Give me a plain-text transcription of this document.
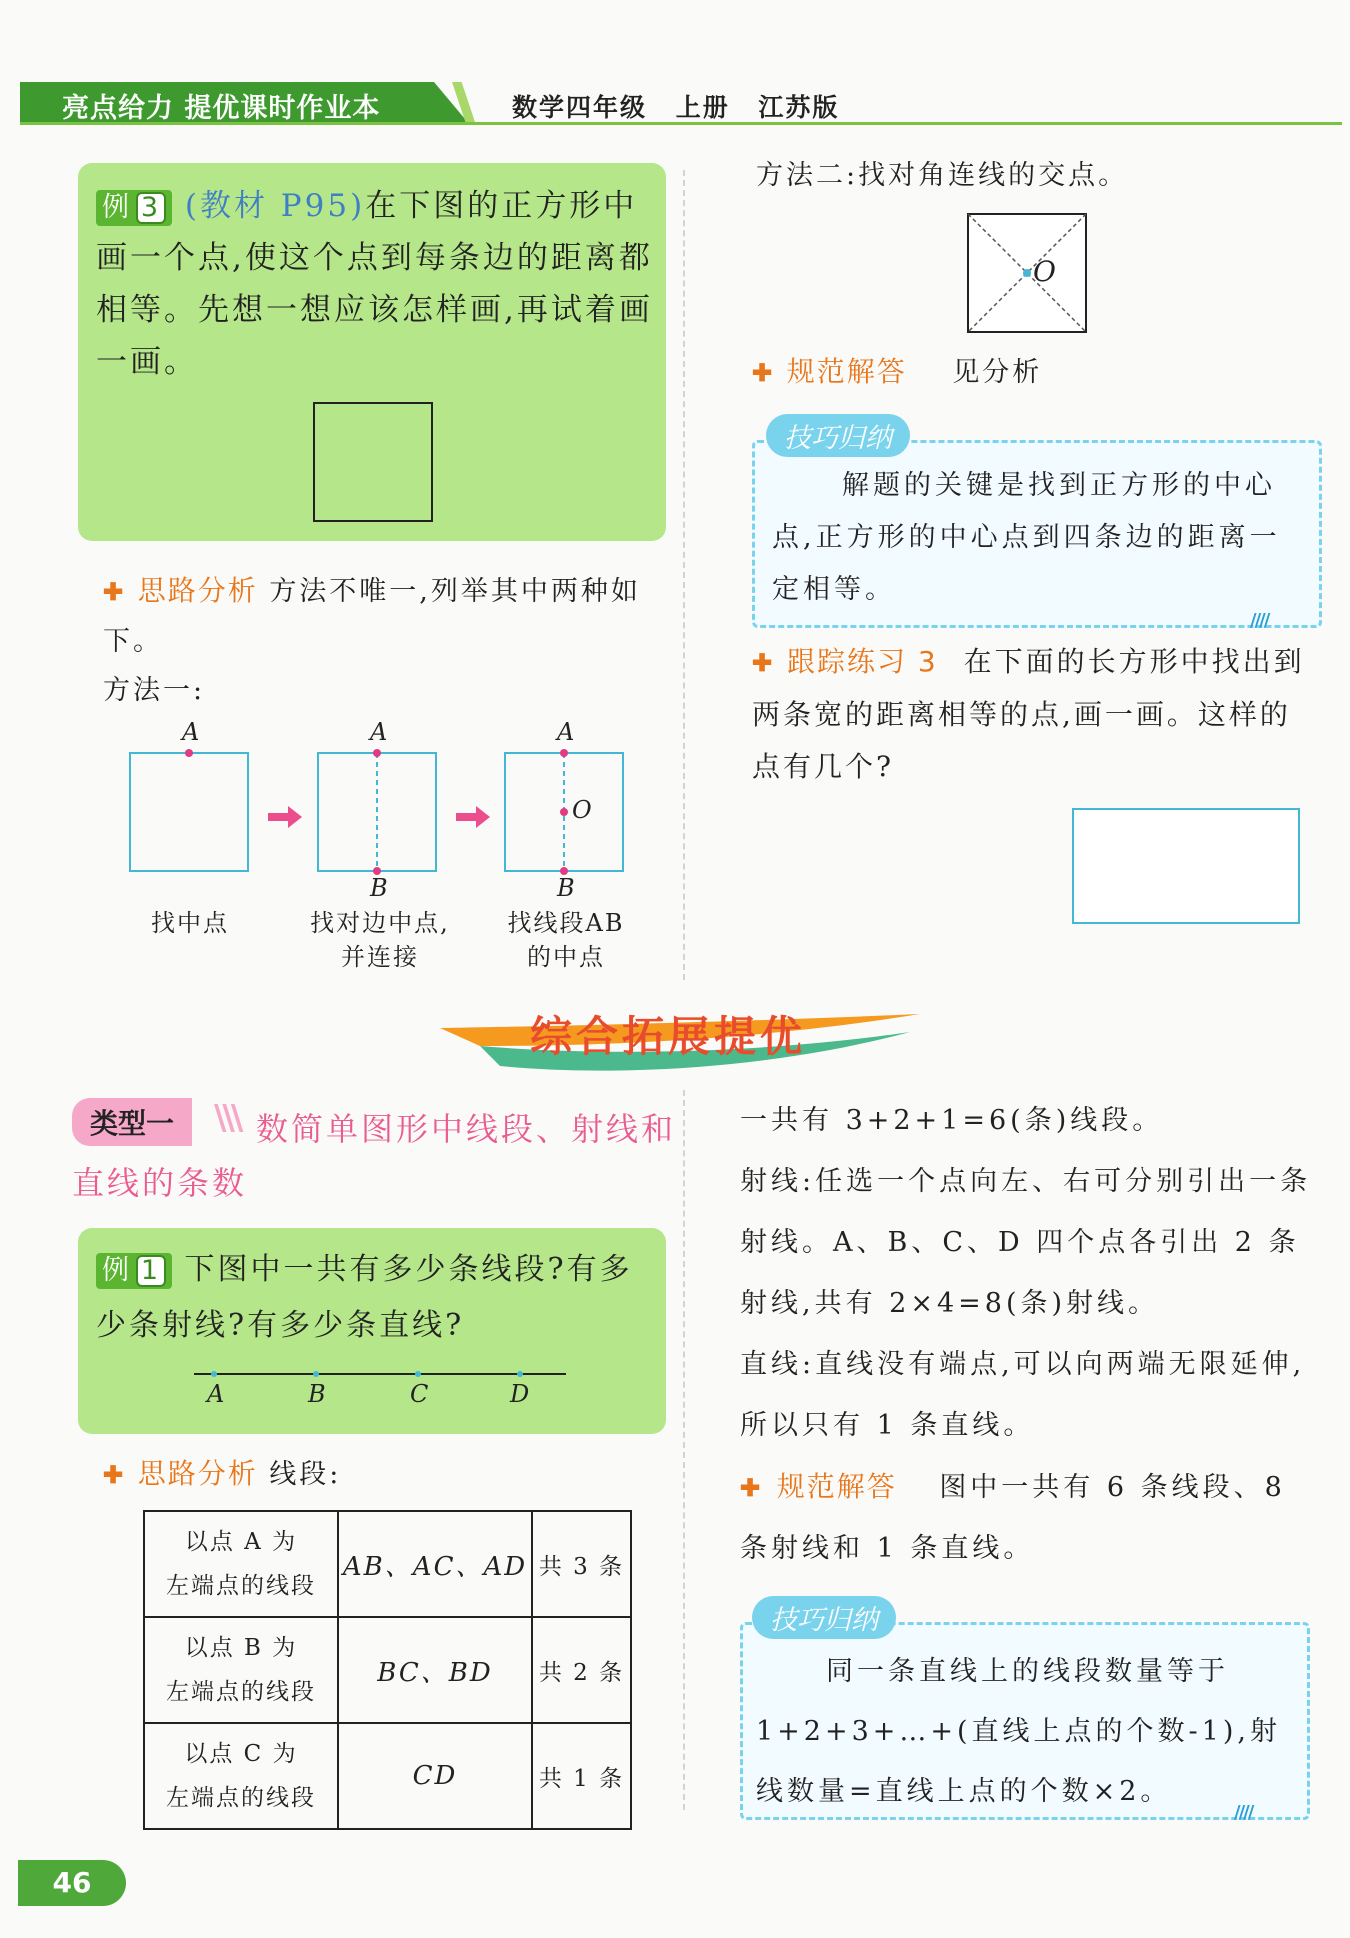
亮点给力 提优课时作业本	数学四年级 上册 江苏版
例 3 (教材 P95)在下图的正方形中画一个点,使这个点到每条边的距离都相等。先想一想应该怎样画,再试着画一画。
✚ 思路分析 方法不唯一,列举其中两种如下。
方法一:
A	A
B
A
B
O
找中点	找对边中点,
并连接
找线段AB
的中点
方法二:找对角连线的交点。
O
✚ 规范解答 见分析
技巧归纳
解题的关键是找到正方形的中心点,正方形的中心点到四条边的距离一定相等。
////
✚ 跟踪练习 3 在下面的长方形中找出到两条宽的距离相等的点,画一画。这样的点有几个?
综合拓展提优
数简单图形中线段、射线和直线的条数
类型一	\\\
例 1 下图中一共有多少条线段?有多少条射线?有多少条直线?
A	B	C	D
✚ 思路分析 线段:
以点 A 为
左端点的线段	AB、AC、AD	共 3 条

以点 B 为
左端点的线段	BC、BD	共 2 条

以点 C 为
左端点的线段	CD	共 1 条
一共有 3+2+1=6(条)线段。
射线:任选一个点向左、右可分别引出一条射线。A、B、C、D 四个点各引出 2 条射线,共有 2×4=8(条)射线。
直线:直线没有端点,可以向两端无限延伸,所以只有 1 条直线。
✚ 规范解答 图中一共有 6 条线段、8条射线和 1 条直线。
技巧归纳
同一条直线上的线段数量等于 1+2+3+…+(直线上点的个数-1),射线数量=直线上点的个数×2。
////
46
